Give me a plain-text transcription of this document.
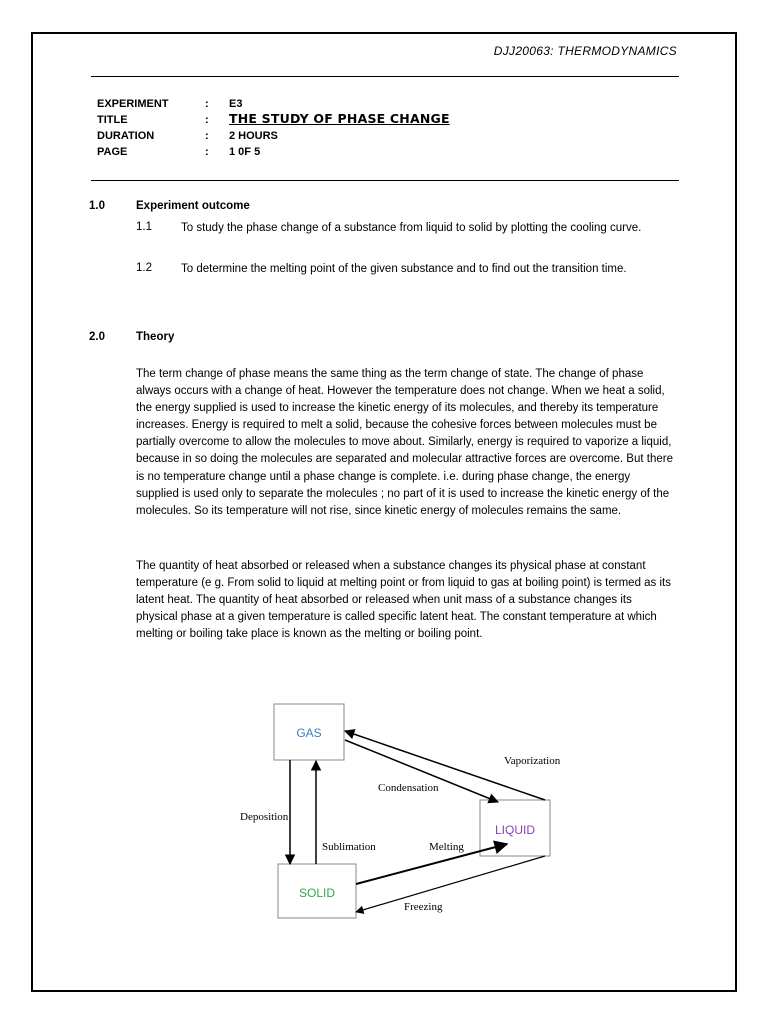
DJJ20063: THERMODYNAMICS
EXPERIMENT	:	E3
TITLE	:	THE STUDY OF PHASE CHANGE
DURATION	:	2 HOURS
PAGE	:	1 0F 5
1.0	Experiment outcome
1.1	To study the phase change of a substance from liquid to solid by plotting the cooling curve.
1.2	To determine the melting point of the given substance and to find out the transition time.
2.0	Theory
The term change of phase means the same thing as the term change of state. The change of phase always occurs with a change of heat. However the temperature does not change. When we heat a solid, the energy supplied is used to increase the kinetic energy of its molecules, and thereby its temperature increases. Energy is required to melt a solid, because the cohesive forces between molecules must be partially overcome to allow the molecules to move about. Similarly, energy is required to vaporize a liquid, because in so doing the molecules are separated and molecular attractive forces are overcome. But there is no temperature change until a phase change is complete. i.e. during phase change, the energy supplied is used only to separate the molecules ; no part of it is used to increase the kinetic energy of the molecules. So its temperature will not rise, since kinetic energy of molecules remains the same.
The quantity of heat absorbed or released when a substance changes its physical phase at constant temperature (e g. From solid to liquid at melting point or from liquid to gas at boiling point) is termed as its latent heat. The quantity of heat absorbed or released when unit mass of a substance changes its physical phase at a given temperature is called specific latent heat. The constant temperature at which melting or boiling take place is known as the melting or boiling point.
GAS
LIQUID
SOLID
Vaporization
Condensation
Deposition
Sublimation	Melting
Freezing
